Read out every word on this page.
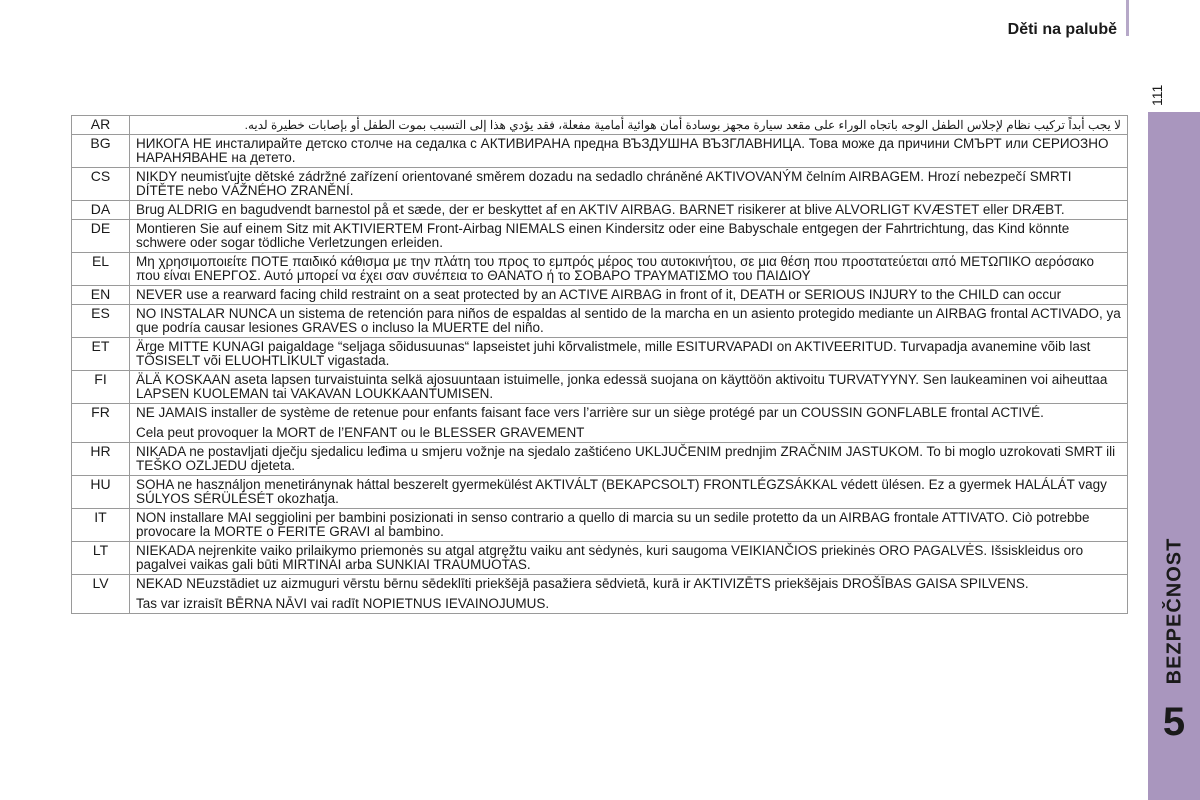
Děti na palubě
111
BEZPEČNOST
5
AR	لا يجب أبداً تركيب نظام لإجلاس الطفل الوجه باتجاه الوراء على مقعد سيارة مجهز بوسادة أمان هوائية أمامية مفعلة، فقد يؤدي هذا إلى التسبب بموت الطفل أو بإصابات خطيرة لديه.

BG	НИКОГА НЕ инсталирайте детско столче на седалка с АКТИВИРАНА предна ВЪЗДУШНА ВЪЗГЛАВНИЦА. Това може да причини СМЪРТ или СЕРИОЗНО НАРАНЯВАНЕ на детето.

CS	NIKDY neumisťujte dětské zádržné zařízení orientované směrem dozadu na sedadlo chráněné AKTIVOVANÝM čelním AIRBAGEM. Hrozí nebezpečí SMRTI DÍTĚTE nebo VÁŽNÉHO ZRANĚNÍ.

DA	Brug ALDRIG en bagudvendt barnestol på et sæde, der er beskyttet af en AKTIV AIRBAG. BARNET risikerer at blive ALVORLIGT KVÆSTET eller DRÆBT.

DE	Montieren Sie auf einem Sitz mit AKTIVIERTEM Front-Airbag NIEMALS einen Kindersitz oder eine Babyschale entgegen der Fahrtrichtung, das Kind könnte schwere oder sogar tödliche Verletzungen erleiden.

EL	Μη χρησιμοποιείτε ΠΟΤΕ παιδικό κάθισμα με την πλάτη του προς το εμπρός μέρος του αυτοκινήτου, σε μια θέση που προστατεύεται από ΜΕΤΩΠΙΚΟ αερόσακο που είναι ΕΝΕΡΓΟΣ. Αυτό μπορεί να έχει σαν συνέπεια το ΘΑΝΑΤΟ ή το ΣΟΒΑΡΟ ΤΡΑΥΜΑΤΙΣΜΟ του ΠΑΙΔΙΟΥ

EN	NEVER use a rearward facing child restraint on a seat protected by an ACTIVE AIRBAG in front of it, DEATH or SERIOUS INJURY to the CHILD can occur

ES	NO INSTALAR NUNCA un sistema de retención para niños de espaldas al sentido de la marcha en un asiento protegido mediante un AIRBAG frontal ACTIVADO, ya que podría causar lesiones GRAVES o incluso la MUERTE del niño.

ET	Ärge MITTE KUNAGI paigaldage “seljaga sõidusuunas“ lapseistet juhi kõrvalistmele, mille ESITURVAPADI on AKTIVEERITUD. Turvapadja avanemine võib last TÕSISELT või ELUOHTLIKULT vigastada.

FI	ÄLÄ KOSKAAN aseta lapsen turvaistuinta selkä ajosuuntaan istuimelle, jonka edessä suojana on käyttöön aktivoitu TURVATYYNY. Sen laukeaminen voi aiheuttaa LAPSEN KUOLEMAN tai VAKAVAN LOUKKAANTUMISEN.

FR	NE JAMAIS installer de système de retenue pour enfants faisant face vers l’arrière sur un siège protégé par un COUSSIN GONFLABLE frontal ACTIVÉ.

Cela peut provoquer la MORT de l’ENFANT ou le BLESSER GRAVEMENT

HR	NIKADA ne postavljati dječju sjedalicu leđima u smjeru vožnje na sjedalo zaštićeno UKLJUČENIM prednjim ZRAČNIM JASTUKOM. To bi moglo uzrokovati SMRT ili TEŠKO OZLJEDU djeteta.

HU	SOHA ne használjon menetiránynak háttal beszerelt gyermekülést AKTIVÁLT (BEKAPCSOLT) FRONTLÉGZSÁKKAL védett ülésen. Ez a gyermek HALÁLÁT vagy SÚLYOS SÉRÜLÉSÉT okozhatja.

IT	NON installare MAI seggiolini per bambini posizionati in senso contrario a quello di marcia su un sedile protetto da un AIRBAG frontale ATTIVATO. Ciò potrebbe provocare la MORTE o FERITE GRAVI al bambino.

LT	NIEKADA nejrenkite vaiko prilaikymo priemonės su atgal atgręžtu vaiku ant sėdynės, kuri saugoma VEIKIANČIOS priekinės ORO PAGALVĖS. Išsiskleidus oro pagalvei vaikas gali būti MIRTINAI arba SUNKIAI TRAUMUOTAS.

LV	NEKAD NEuzstādiet uz aizmuguri vērstu bērnu sēdeklīti priekšējā pasažiera sēdvietā, kurā ir AKTIVIZĒTS priekšējais DROŠĪBAS GAISA SPILVENS.

Tas var izraisīt BĒRNA NĀVI vai radīt NOPIETNUS IEVAINOJUMUS.
